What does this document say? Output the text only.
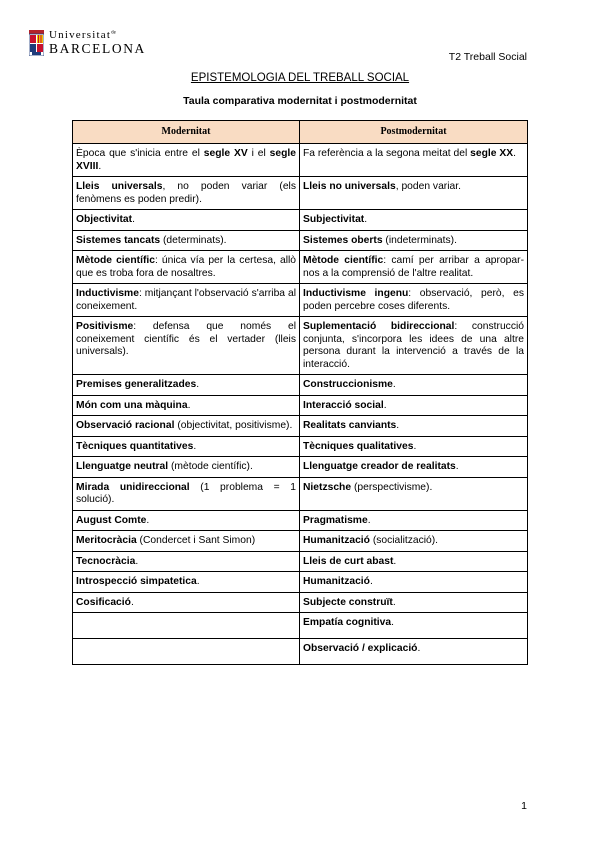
Universitat$^{de}$
BARCELONA
T2 Treball Social
EPISTEMOLOGIA DEL TREBALL SOCIAL
Taula comparativa modernitat i postmodernitat
Modernitat	Postmodernitat
Època que s'inicia entre el segle XV i el segle XVIII.	Fa referència a la segona meitat del segle XX.
Lleis universals, no poden variar (els fenòmens es poden predir).	Lleis no universals, poden variar.
Objectivitat.	Subjectivitat.
Sistemes tancats (determinats).	Sistemes oberts (indeterminats).
Mètode científic: única vía per la certesa, allò que es troba fora de nosaltres.	Mètode científic: camí per arribar a apropar-nos a la comprensió de l'altre realitat.
Inductivisme: mitjançant l'observació s'arriba al coneixement.	Inductivisme ingenu: observació, però, es poden percebre coses diferents.
Positivisme: defensa que només el coneixement científic és el vertader (lleis universals).	Suplementació bidireccional: construcció conjunta, s'incorpora les idees de una altre persona durant la intervenció a través de la interacció.
Premises generalitzades.	Construccionisme.
Món com una màquina.	Interacció social.
Observació racional (objectivitat, positivisme).	Realitats canviants.
Tècniques quantitatives.	Tècniques qualitatives.
Llenguatge neutral (mètode científic).	Llenguatge creador de realitats.
Mirada unidireccional (1 problema = 1 solució).	Nietzsche (perspectivisme).
August Comte.	Pragmatisme.
Meritocràcia (Condercet i Sant Simon)	Humanització (socialització).
Tecnocràcia.	Lleis de curt abast.
Introspecció simpatetica.	Humanització.
Cosificació.	Subjecte construït.
	Empatía cognitiva.
	Observació / explicació.
1
